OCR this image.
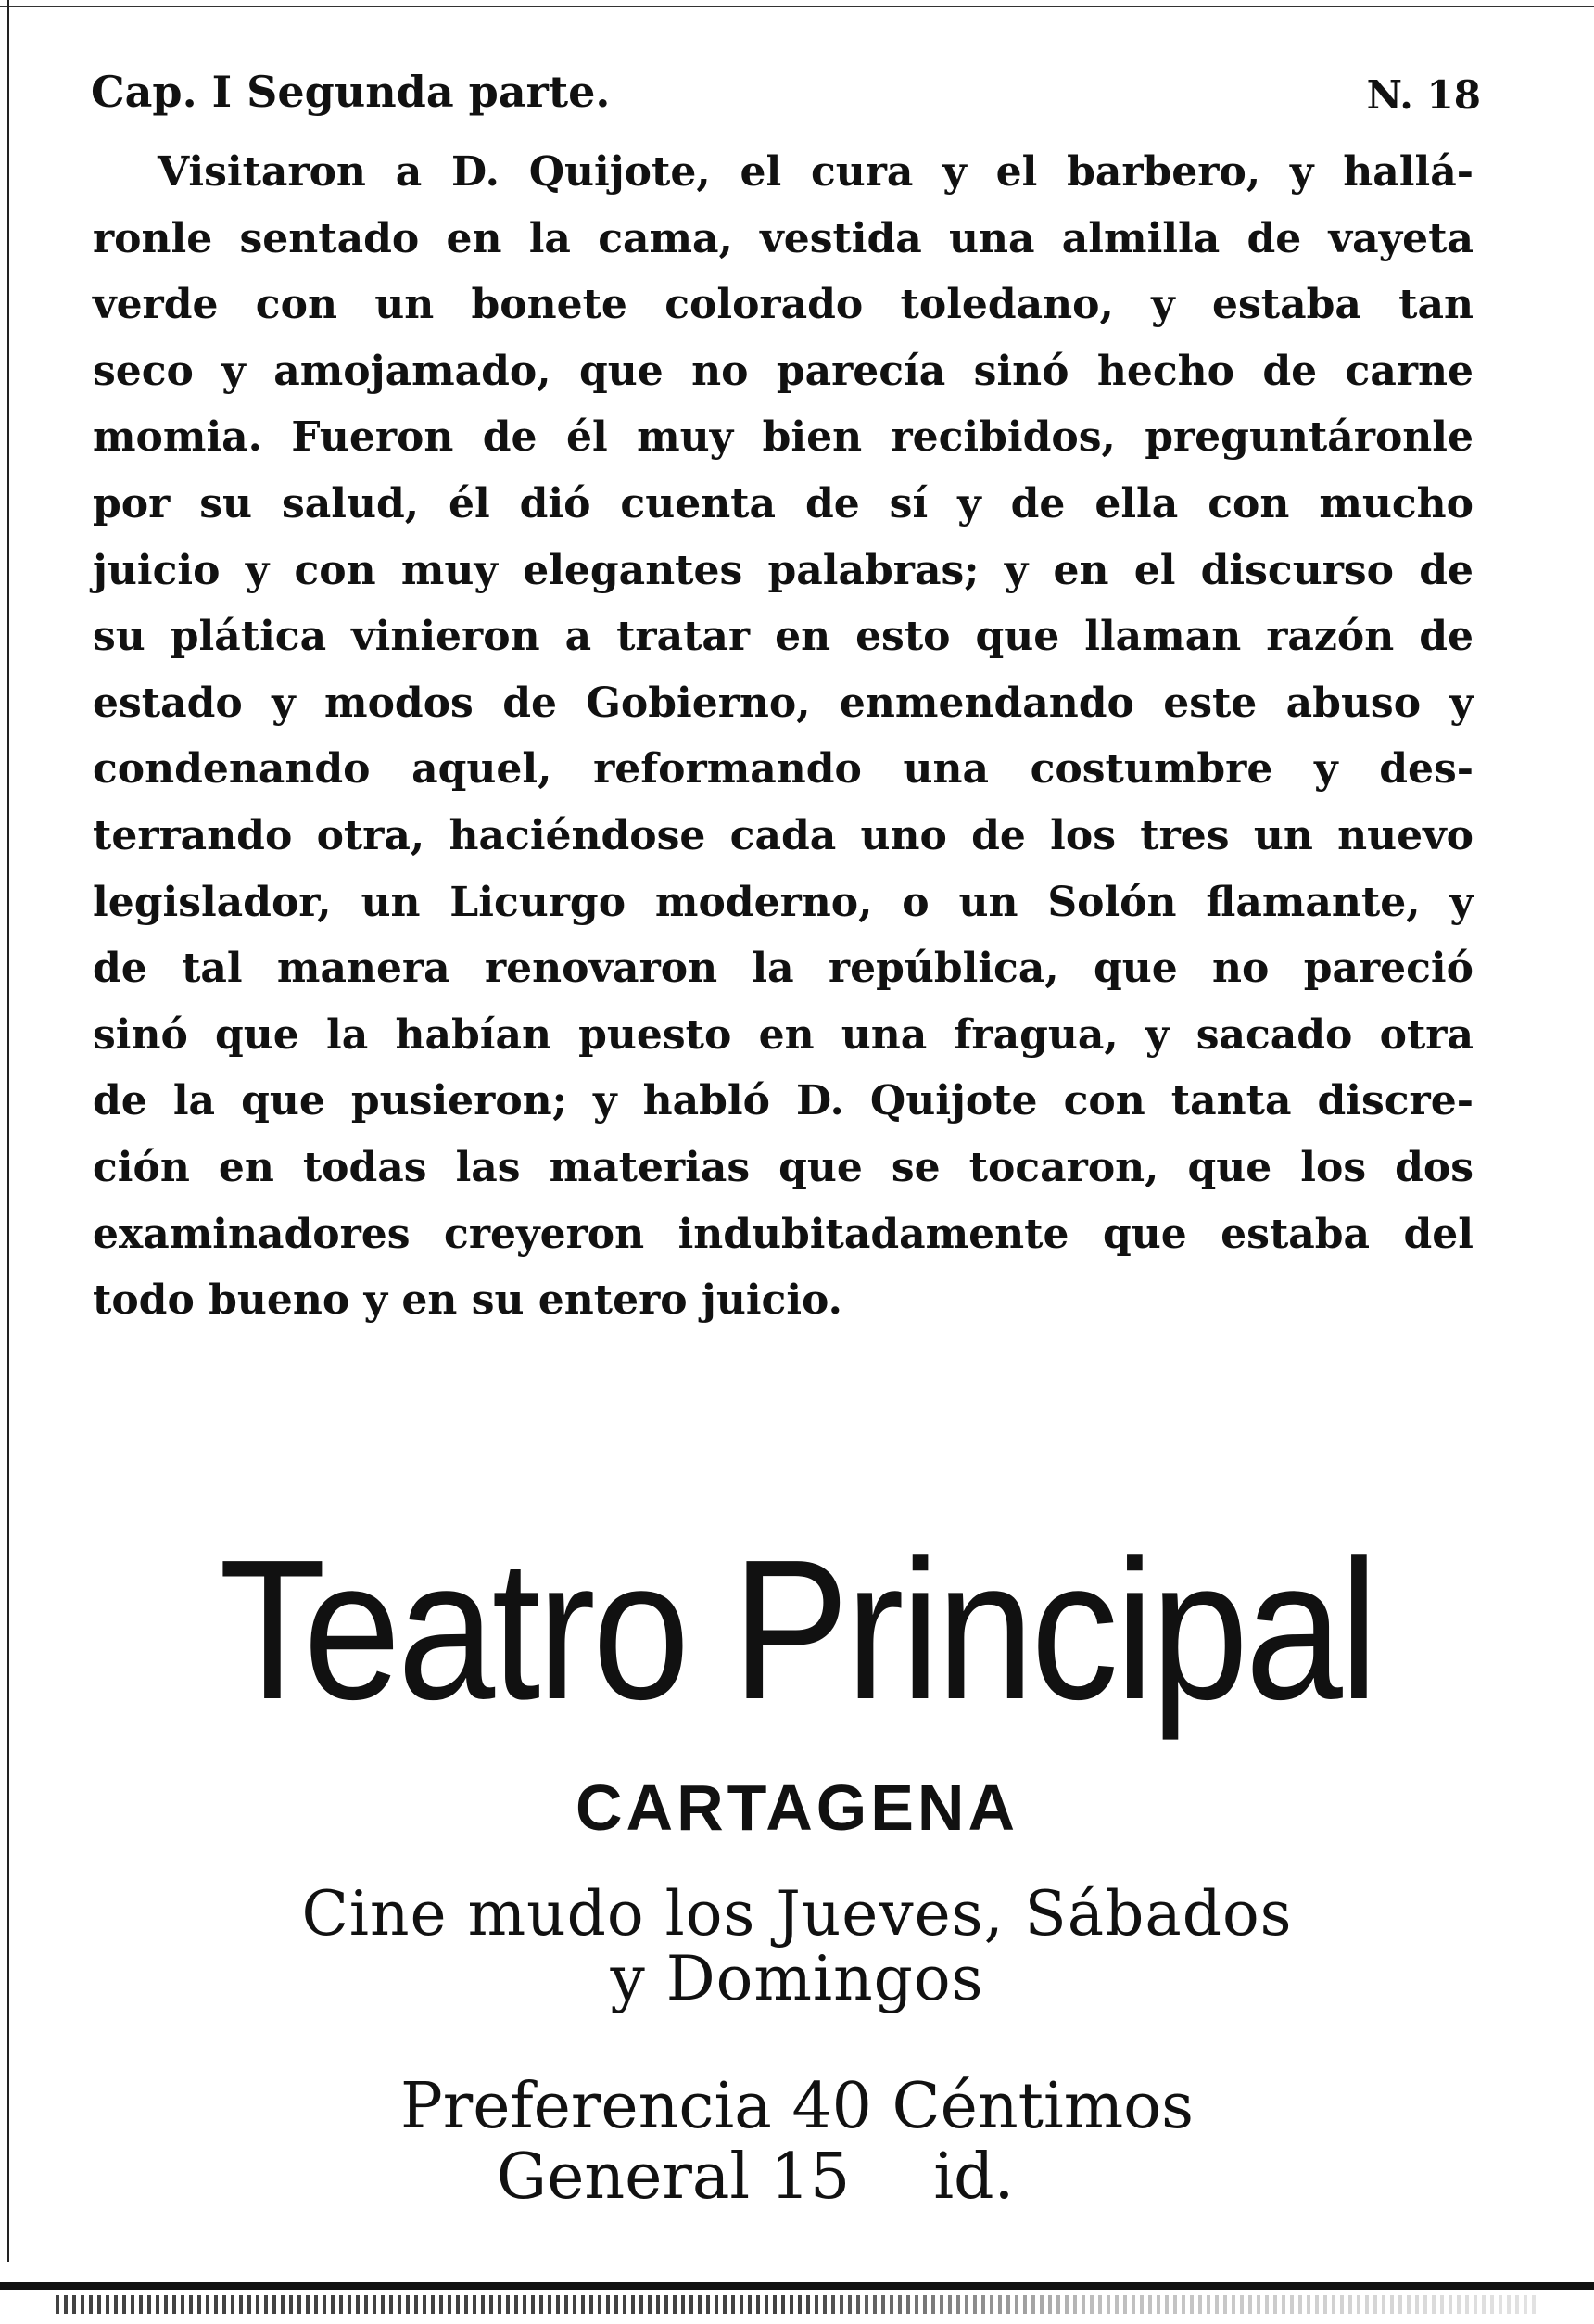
Cap. I Segunda parte.	N. 18
Visitaron a D. Quijote, el cura y el barbero, y hallá-
ronle sentado en la cama, vestida una almilla de vayeta
verde con un bonete colorado toledano, y estaba tan
seco y amojamado, que no parecía sinó hecho de carne
momia. Fueron de él muy bien recibidos, preguntáronle
por su salud, él dió cuenta de sí y de ella con mucho
juicio y con muy elegantes palabras; y en el discurso de
su plática vinieron a tratar en esto que llaman razón de
estado y modos de Gobierno, enmendando este abuso y
condenando aquel, reformando una costumbre y des-
terrando otra, haciéndose cada uno de los tres un nuevo
legislador, un Licurgo moderno, o un Solón flamante, y
de tal manera renovaron la república, que no pareció
sinó que la habían puesto en una fragua, y sacado otra
de la que pusieron; y habló D. Quijote con tanta discre-
ción en todas las materias que se tocaron, que los dos
examinadores creyeron indubitadamente que estaba del
todo bueno y en su entero juicio.
Teatro Principal
CARTAGENA
Cine mudo los Jueves, Sábados
y Domingos
Preferencia 40 Céntimos
General 15 id.
